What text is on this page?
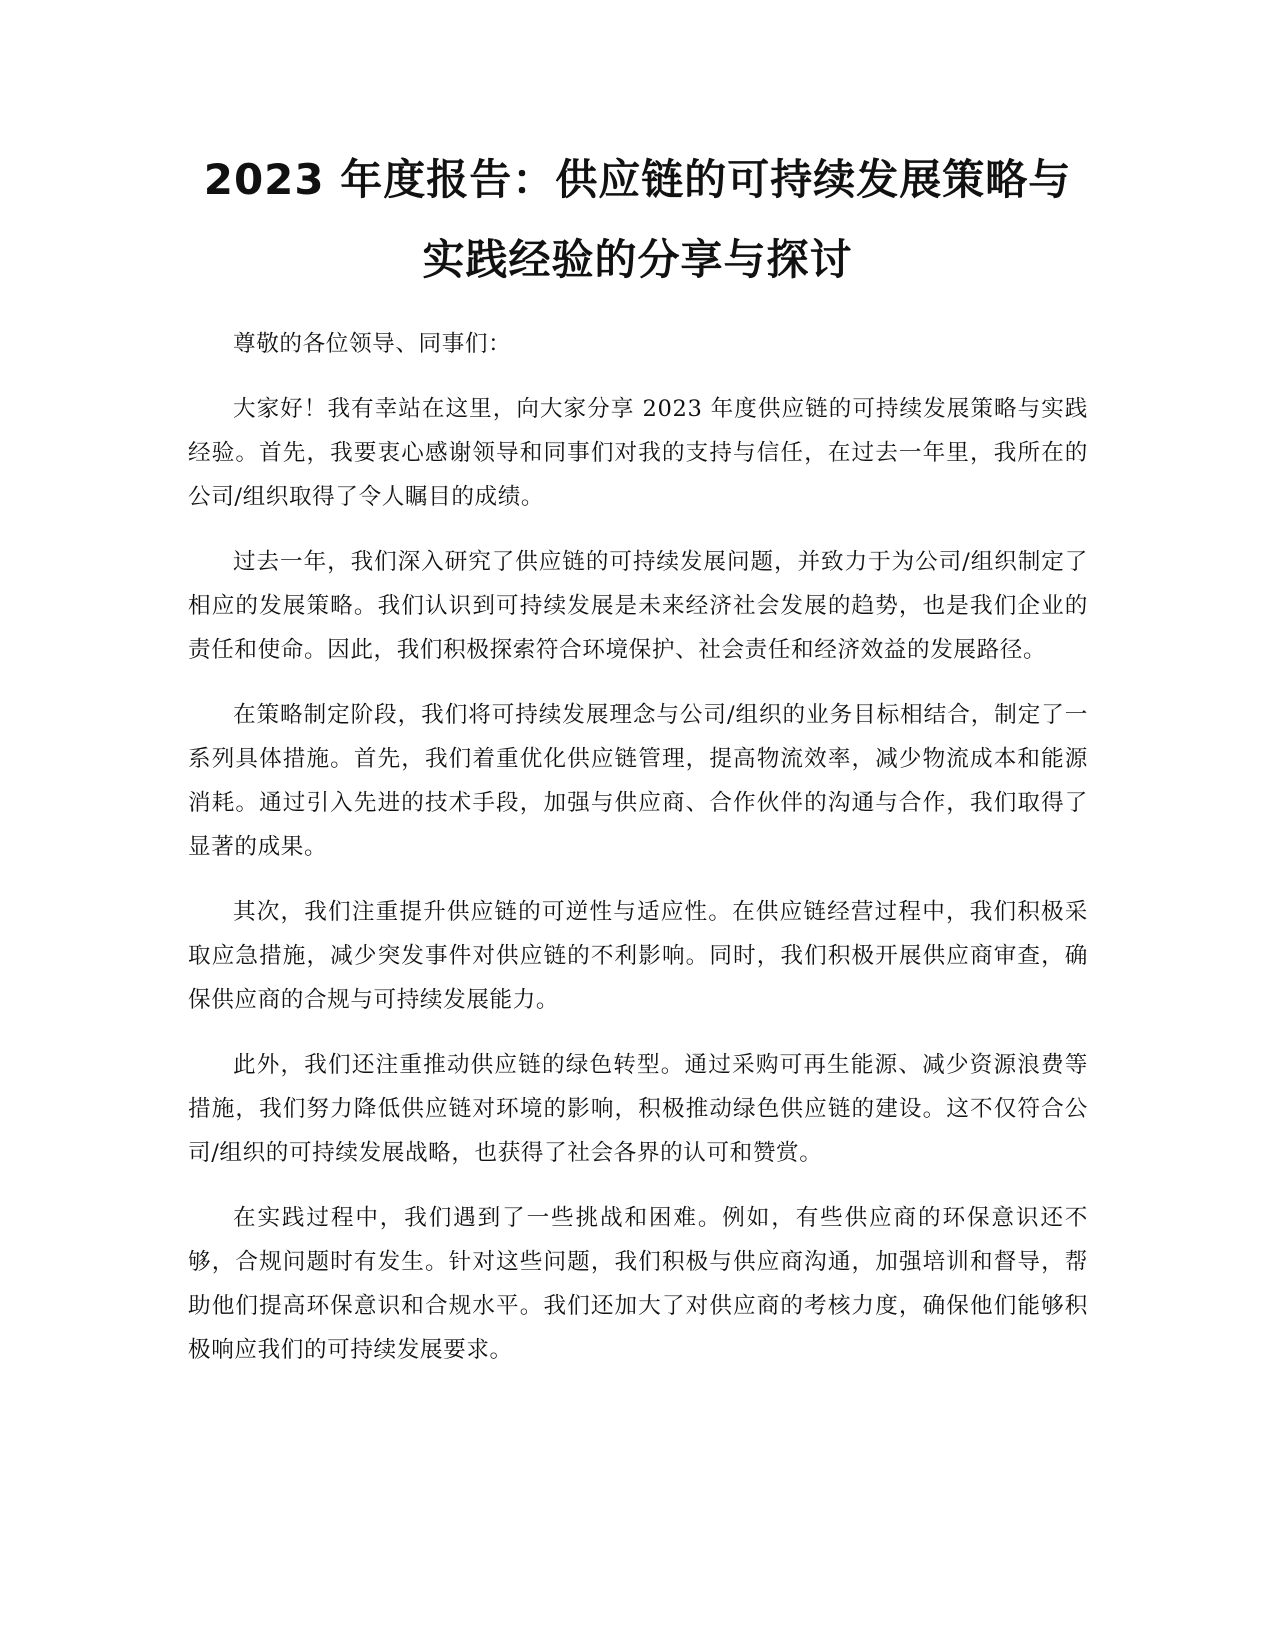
2023 年度报告：供应链的可持续发展策略与
实践经验的分享与探讨

尊敬的各位领导、同事们：

大家好！我有幸站在这里，向大家分享 2023 年度供应链的可持续发展策略与实践经验。首先，我要衷心感谢领导和同事们对我的支持与信任，在过去一年里，我所在的公司/组织取得了令人瞩目的成绩。

过去一年，我们深入研究了供应链的可持续发展问题，并致力于为公司/组织制定了相应的发展策略。我们认识到可持续发展是未来经济社会发展的趋势，也是我们企业的责任和使命。因此，我们积极探索符合环境保护、社会责任和经济效益的发展路径。

在策略制定阶段，我们将可持续发展理念与公司/组织的业务目标相结合，制定了一系列具体措施。首先，我们着重优化供应链管理，提高物流效率，减少物流成本和能源消耗。通过引入先进的技术手段，加强与供应商、合作伙伴的沟通与合作，我们取得了显著的成果。

其次，我们注重提升供应链的可逆性与适应性。在供应链经营过程中，我们积极采取应急措施，减少突发事件对供应链的不利影响。同时，我们积极开展供应商审查，确保供应商的合规与可持续发展能力。

此外，我们还注重推动供应链的绿色转型。通过采购可再生能源、减少资源浪费等措施，我们努力降低供应链对环境的影响，积极推动绿色供应链的建设。这不仅符合公司/组织的可持续发展战略，也获得了社会各界的认可和赞赏。

在实践过程中，我们遇到了一些挑战和困难。例如，有些供应商的环保意识还不够，合规问题时有发生。针对这些问题，我们积极与供应商沟通，加强培训和督导，帮助他们提高环保意识和合规水平。我们还加大了对供应商的考核力度，确保他们能够积极响应我们的可持续发展要求。
